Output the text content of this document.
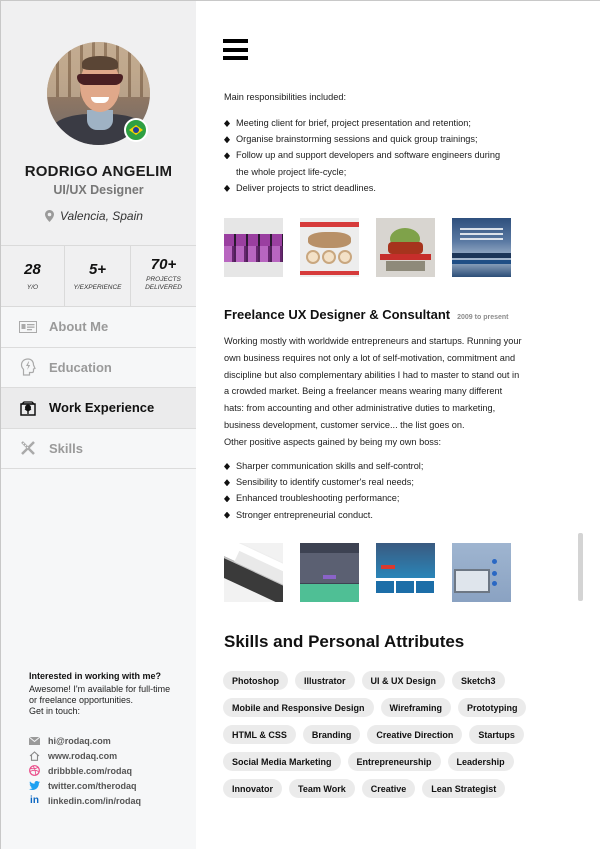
RODRIGO ANGELIM
UI/UX Designer
Valencia, Spain
28
Y/O
5+
Y/EXPERIENCE
70+
PROJECTS
DELIVERED
About Me
Education
Work Experience
Skills
Interested in working with me?
Awesome! I'm available for full-time
or freelance opportunities.
Get in touch:
hi@rodaq.com
www.rodaq.com
dribbble.com/rodaq
twitter.com/therodaq
in linkedin.com/in/rodaq
Main responsibilities included:
Meeting client for brief, project presentation and retention;
Organise brainstorming sessions and quick group trainings;
Follow up and support developers and software engineers during
the whole project life-cycle;
Deliver projects to strict deadlines.
Freelance UX Designer & Consultant 2009 to present
Working mostly with worldwide entrepreneurs and startups. Running your
own business requires not only a lot of self-motivation, commitment and
discipline but also complementary abilities I had to master to stand out in
a crowded market. Being a freelancer means wearing many different
hats: from accounting and other administrative duties to marketing,
business development, customer service... the list goes on.
Other positive aspects gained by being my own boss:
Sharper communication skills and self-control;
Sensibility to identify customer's real needs;
Enhanced troubleshooting performance;
Stronger entrepreneurial conduct.
Skills and Personal Attributes
Photoshop	Illustrator	UI & UX Design	Sketch3
Mobile and Responsive Design	Wireframing	Prototyping
HTML & CSS	Branding	Creative Direction	Startups
Social Media Marketing	Entrepreneurship	Leadership
Innovator	Team Work	Creative	Lean Strategist
